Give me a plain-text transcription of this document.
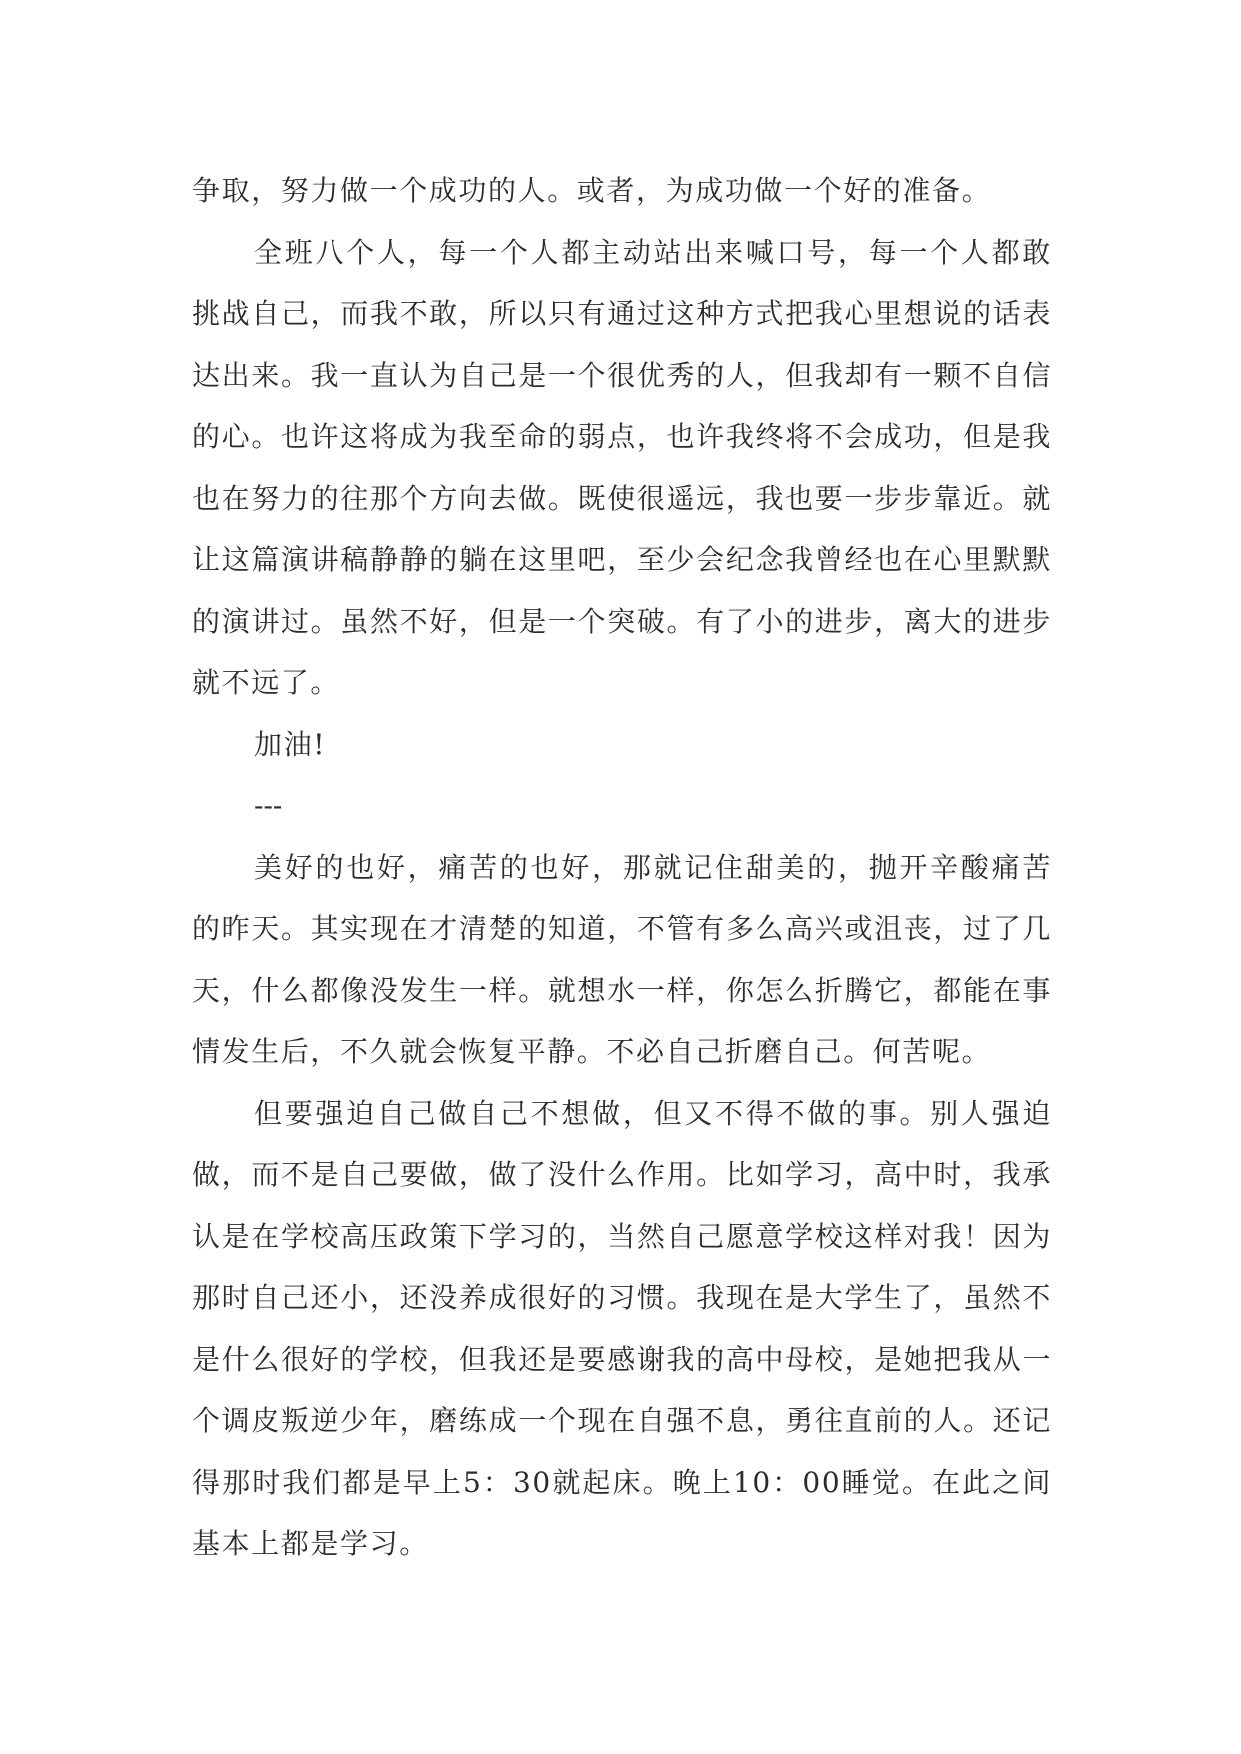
争取，努力做一个成功的人。或者，为成功做一个好的准备。

全班八个人，每一个人都主动站出来喊口号，每一个人都敢挑战自己，而我不敢，所以只有通过这种方式把我心里想说的话表达出来。我一直认为自己是一个很优秀的人，但我却有一颗不自信的心。也许这将成为我至命的弱点，也许我终将不会成功，但是我也在努力的往那个方向去做。既使很遥远，我也要一步步靠近。就让这篇演讲稿静静的躺在这里吧，至少会纪念我曾经也在心里默默的演讲过。虽然不好，但是一个突破。有了小的进步，离大的进步就不远了。

加油!

---

美好的也好，痛苦的也好，那就记住甜美的，抛开辛酸痛苦的昨天。其实现在才清楚的知道，不管有多么高兴或沮丧，过了几天，什么都像没发生一样。就想水一样，你怎么折腾它，都能在事情发生后，不久就会恢复平静。不必自己折磨自己。何苦呢。

但要强迫自己做自己不想做，但又不得不做的事。别人强迫做，而不是自己要做，做了没什么作用。比如学习，高中时，我承认是在学校高压政策下学习的，当然自己愿意学校这样对我！因为那时自己还小，还没养成很好的习惯。我现在是大学生了，虽然不是什么很好的学校，但我还是要感谢我的高中母校，是她把我从一个调皮叛逆少年，磨练成一个现在自强不息，勇往直前的人。还记得那时我们都是早上5：30就起床。晚上10：00睡觉。在此之间基本上都是学习。
